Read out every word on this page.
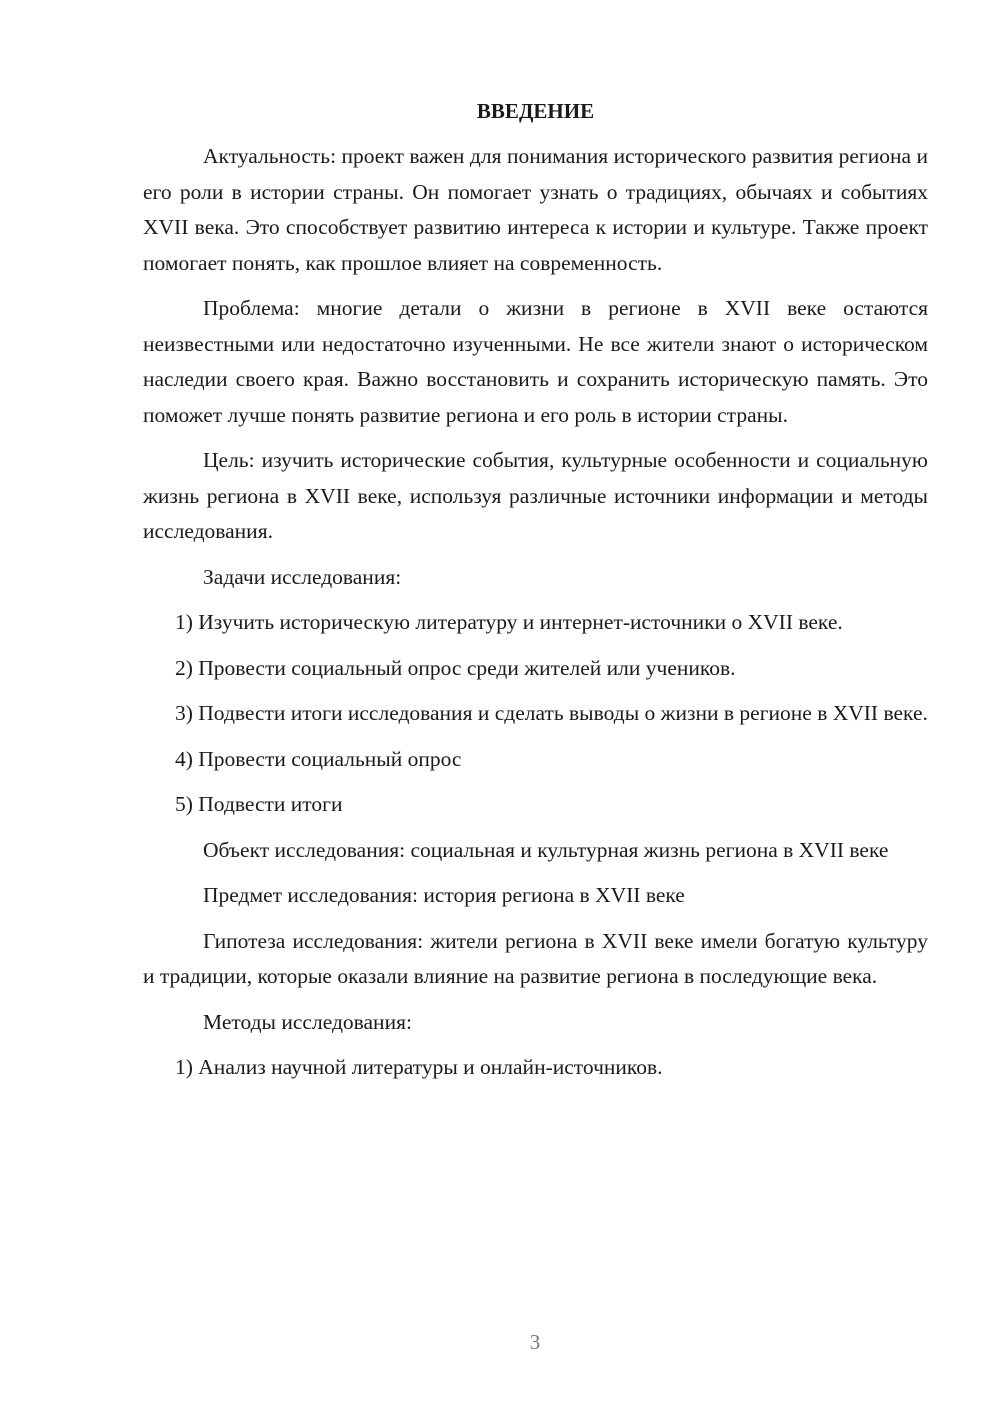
ВВЕДЕНИЕ

Актуальность: проект важен для понимания исторического развития региона и его роли в истории страны. Он помогает узнать о традициях, обычаях и событиях XVII века. Это способствует развитию интереса к истории и культуре. Также проект помогает понять, как прошлое влияет на современность.

Проблема: многие детали о жизни в регионе в XVII веке остаются неизвестными или недостаточно изученными. Не все жители знают о историческом наследии своего края. Важно восстановить и сохранить историческую память. Это поможет лучше понять развитие региона и его роль в истории страны.

Цель: изучить исторические события, культурные особенности и социальную жизнь региона в XVII веке, используя различные источники информации и методы исследования.

Задачи исследования:

1) Изучить историческую литературу и интернет-источники о XVII веке.

2) Провести социальный опрос среди жителей или учеников.

3) Подвести итоги исследования и сделать выводы о жизни в регионе в XVII веке.

4) Провести социальный опрос

5) Подвести итоги

Объект исследования: социальная и культурная жизнь региона в XVII веке

Предмет исследования: история региона в XVII веке

Гипотеза исследования: жители региона в XVII веке имели богатую культуру и традиции, которые оказали влияние на развитие региона в последующие века.

Методы исследования:

1) Анализ научной литературы и онлайн-источников.

3
